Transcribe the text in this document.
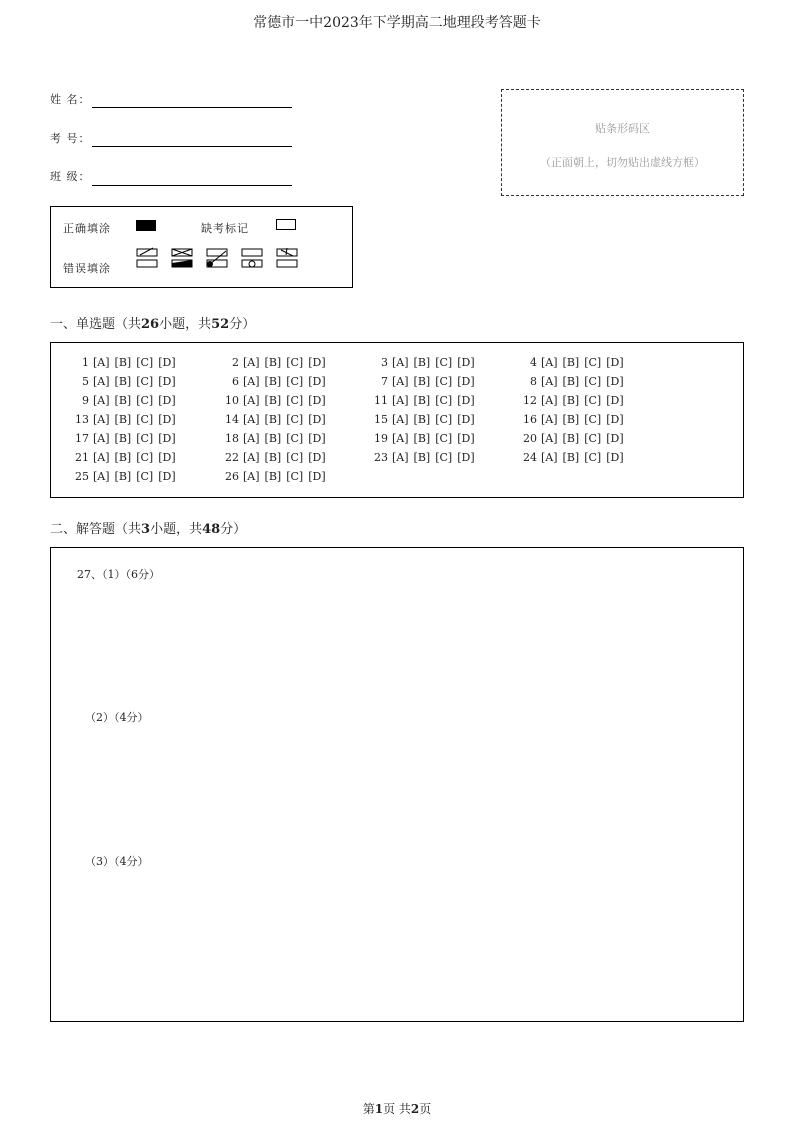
常德市一中2023年下学期高二地理段考答题卡
姓 名：
考 号：
班 级：
贴条形码区
（正面朝上，切勿贴出虚线方框）
正确填涂	缺考标记
错误填涂
一、单选题（共26小题，共52分）
1 [A] [B] [C] [D]	2 [A] [B] [C] [D]	3 [A] [B] [C] [D]	4 [A] [B] [C] [D]
5 [A] [B] [C] [D]	6 [A] [B] [C] [D]	7 [A] [B] [C] [D]	8 [A] [B] [C] [D]
9 [A] [B] [C] [D]	10 [A] [B] [C] [D]	11 [A] [B] [C] [D]	12 [A] [B] [C] [D]
13 [A] [B] [C] [D]	14 [A] [B] [C] [D]	15 [A] [B] [C] [D]	16 [A] [B] [C] [D]
17 [A] [B] [C] [D]	18 [A] [B] [C] [D]	19 [A] [B] [C] [D]	20 [A] [B] [C] [D]
21 [A] [B] [C] [D]	22 [A] [B] [C] [D]	23 [A] [B] [C] [D]	24 [A] [B] [C] [D]
25 [A] [B] [C] [D]	26 [A] [B] [C] [D]
二、解答题（共3小题，共48分）
27、（1）（6分）
（2）（4分）
（3）（4分）
第1页 共2页
